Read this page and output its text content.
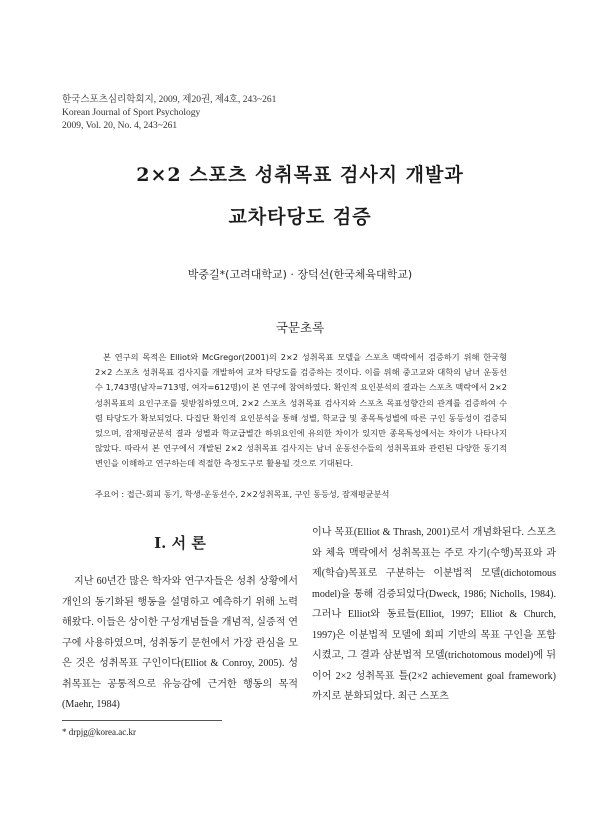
한국스포츠심리학회지, 2009, 제20권, 제4호, 243~261
Korean Journal of Sport Psychology
2009, Vol. 20, No. 4, 243~261
2×2 스포츠 성취목표 검사지 개발과
교차타당도 검증
박중길*(고려대학교) · 장덕선(한국체육대학교)
국문초록
본 연구의 목적은 Elliot와 McGregor(2001)의 2×2 성취목표 모델을 스포츠 맥락에서 검증하기 위해 한국형 2×2 스포츠 성취목표 검사지를 개발하여 교차 타당도를 검증하는 것이다. 이를 위해 중고교와 대학의 남녀 운동선수 1,743명(남자=713명, 여자=612명)이 본 연구에 참여하였다. 확인적 요인분석의 결과는 스포츠 맥락에서 2×2 성취목표의 요인구조를 뒷받침하였으며, 2×2 스포츠 성취목표 검사지와 스포츠 목표성향간의 관계를 검증하여 수렴 타당도가 확보되었다. 다집단 확인적 요인분석을 통해 성별, 학교급 및 종목특성별에 따른 구인 동등성이 검증되었으며, 잠재평균분석 결과 성별과 학교급별간 하위요인에 유의한 차이가 있지만 종목특성에서는 차이가 나타나지 않았다. 따라서 본 연구에서 개발된 2×2 성취목표 검사지는 남녀 운동선수들의 성취목표와 관련된 다양한 동기적 변인을 이해하고 연구하는데 적절한 측정도구로 활용될 것으로 기대된다.
주요어 : 접근-회피 동기, 학생-운동선수, 2×2성취목표, 구인 동등성, 잠재평균분석
I. 서 론
지난 60년간 많은 학자와 연구자들은 성취 상황에서 개인의 동기화된 행동을 설명하고 예측하기 위해 노력해왔다. 이들은 상이한 구성개념들을 개념적, 실증적 연구에 사용하였으며, 성취동기 문헌에서 가장 관심을 모은 것은 성취목표 구인이다(Elliot & Conroy, 2005). 성취목표는 공통적으로 유능감에 근거한 행동의 목적(Maehr, 1984)
이나 목표(Elliot & Thrash, 2001)로서 개념화된다. 스포츠와 체육 맥락에서 성취목표는 주로 자기(수행)목표와 과제(학습)목표로 구분하는 이분법적 모델(dichotomous model)을 통해 검증되었다(Dweck, 1986; Nicholls, 1984). 그러나 Elliot와 동료들(Elliot, 1997; Elliot & Church, 1997)은 이분법적 모델에 회피 기반의 목표 구인을 포함시켰고, 그 결과 삼분법적 모델(trichotomous model)에 뒤이어 2×2 성취목표 틀(2×2 achievement goal framework)까지로 분화되었다. 최근 스포츠
* drpjg@korea.ac.kr
